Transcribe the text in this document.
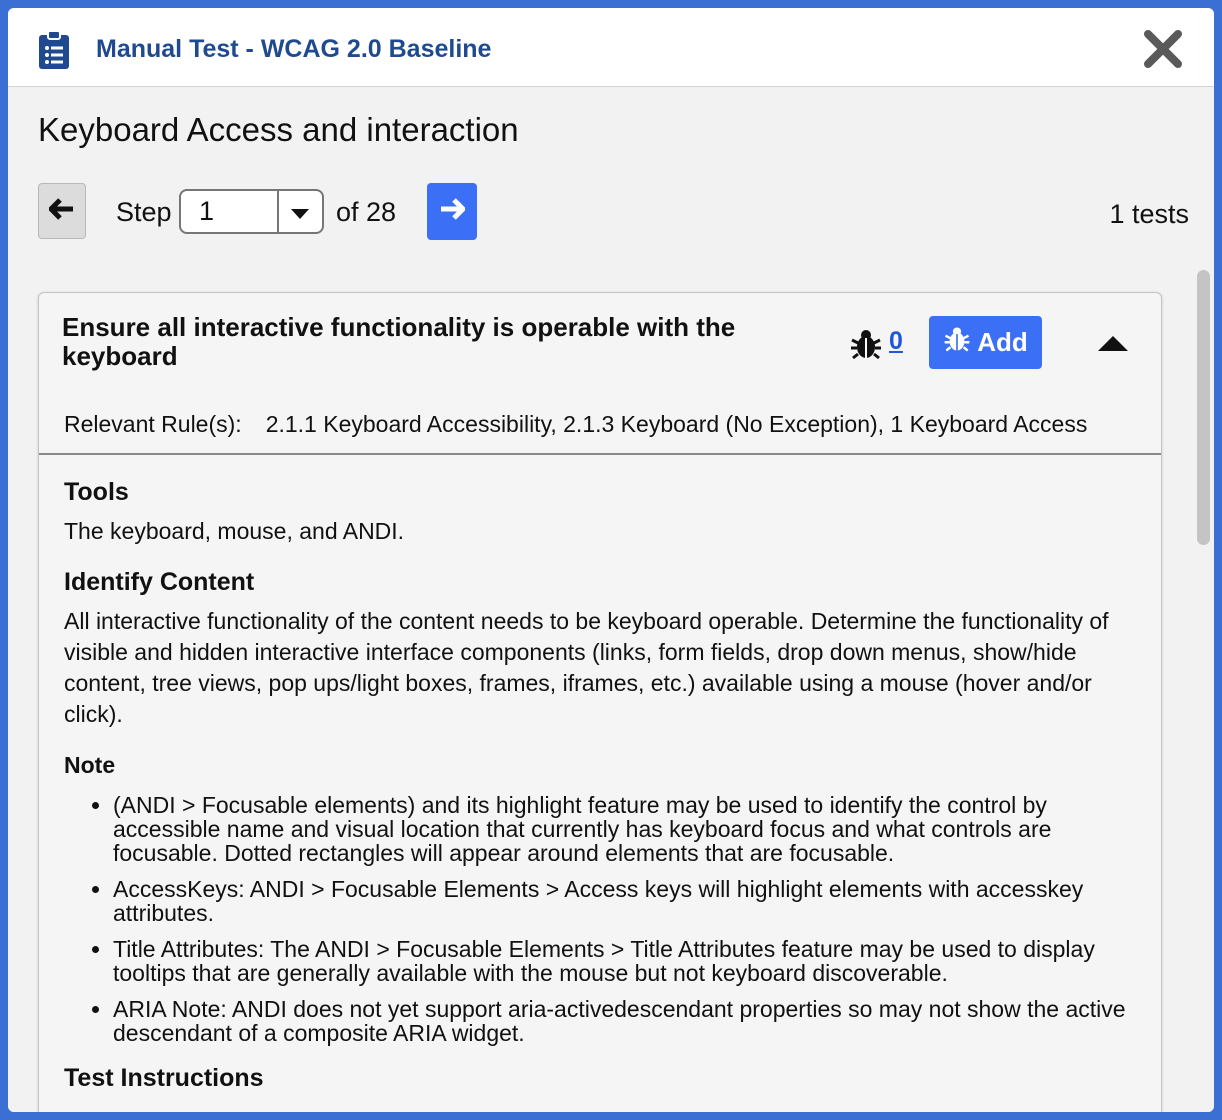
Manual Test - WCAG 2.0 Baseline
Keyboard Access and interaction
Step 1	of 28	1 tests
Ensure all interactive functionality is operable with the keyboard	0	Add
Relevant Rule(s): 2.1.1 Keyboard Accessibility, 2.1.3 Keyboard (No Exception), 1 Keyboard Access
Tools
The keyboard, mouse, and ANDI.
Identify Content
All interactive functionality of the content needs to be keyboard operable. Determine the functionality of visible and hidden interactive interface components (links, form fields, drop down menus, show/hide content, tree views, pop ups/light boxes, frames, iframes, etc.) available using a mouse (hover and/or click).
Note
• (ANDI > Focusable elements) and its highlight feature may be used to identify the control by accessible name and visual location that currently has keyboard focus and what controls are focusable. Dotted rectangles will appear around elements that are focusable.
• AccessKeys: ANDI > Focusable Elements > Access keys will highlight elements with accesskey attributes.
• Title Attributes: The ANDI > Focusable Elements > Title Attributes feature may be used to display tooltips that are generally available with the mouse but not keyboard discoverable.
• ARIA Note: ANDI does not yet support aria-activedescendant properties so may not show the active descendant of a composite ARIA widget.
Test Instructions
